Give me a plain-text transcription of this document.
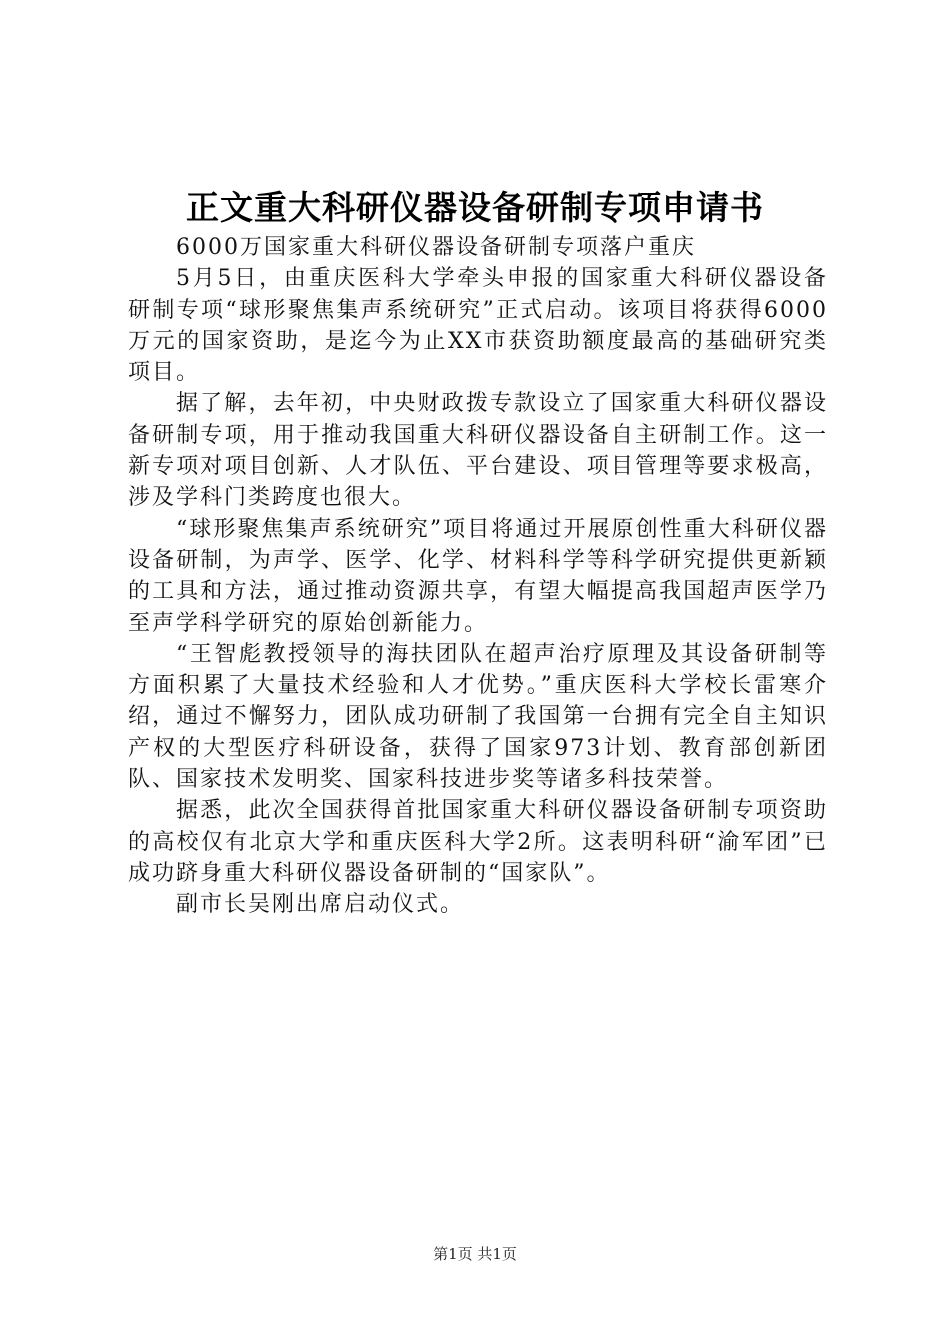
正文重大科研仪器设备研制专项申请书

6000万国家重大科研仪器设备研制专项落户重庆

5月5日，由重庆医科大学牵头申报的国家重大科研仪器设备研制专项“球形聚焦集声系统研究”正式启动。该项目将获得6000万元的国家资助，是迄今为止XX市获资助额度最高的基础研究类项目。

据了解，去年初，中央财政拨专款设立了国家重大科研仪器设备研制专项，用于推动我国重大科研仪器设备自主研制工作。这一新专项对项目创新、人才队伍、平台建设、项目管理等要求极高，涉及学科门类跨度也很大。

“球形聚焦集声系统研究”项目将通过开展原创性重大科研仪器设备研制，为声学、医学、化学、材料科学等科学研究提供更新颖的工具和方法，通过推动资源共享，有望大幅提高我国超声医学乃至声学科学研究的原始创新能力。

“王智彪教授领导的海扶团队在超声治疗原理及其设备研制等方面积累了大量技术经验和人才优势。”重庆医科大学校长雷寒介绍，通过不懈努力，团队成功研制了我国第一台拥有完全自主知识产权的大型医疗科研设备，获得了国家973计划、教育部创新团队、国家技术发明奖、国家科技进步奖等诸多科技荣誉。

据悉，此次全国获得首批国家重大科研仪器设备研制专项资助的高校仅有北京大学和重庆医科大学2所。这表明科研“渝军团”已成功跻身重大科研仪器设备研制的“国家队”。

副市长吴刚出席启动仪式。

第1页 共1页
